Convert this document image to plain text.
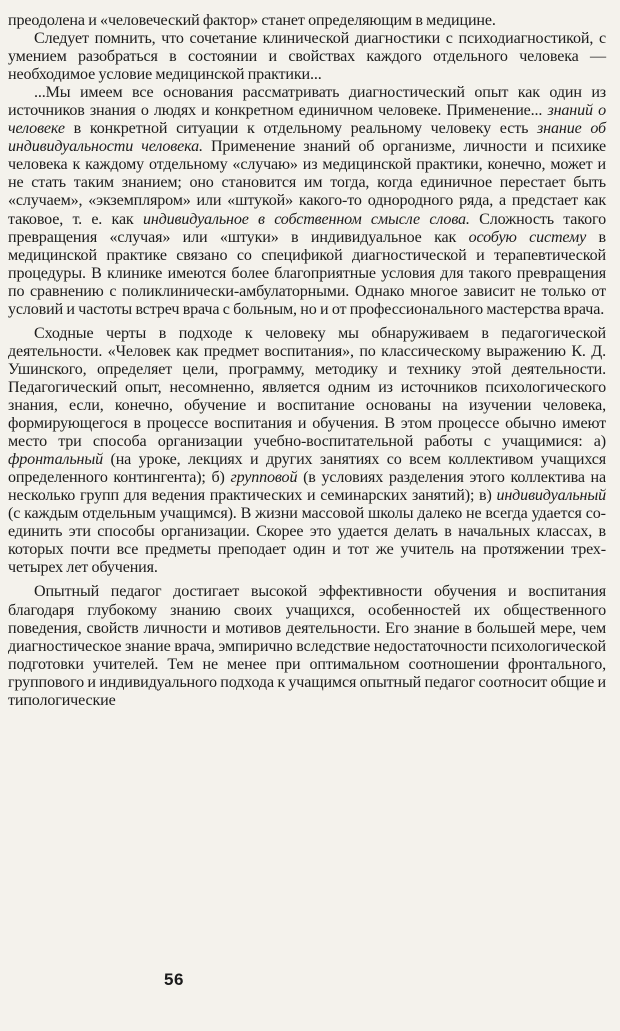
преодолена и «человеческий фактор» станет определяющим в медицине.

Следует помнить, что сочетание клинической диагностики с психодиагностикой, с умением разобраться в состоянии и свойствах каждого отдельного человека — необходимое условие медицинской практики...

...Мы имеем все основания рассматривать диагностический опыт как один из источников знания о людях и конкретном единичном человеке. Применение... знаний о человеке в конкретной ситуации к отдельному реальному человеку есть знание об индивидуальности человека. Применение знаний об организме, личности и психике человека к каждому отдельному «случаю» из медицинской практики, конечно, может и не стать таким знанием; оно становится им тогда, когда единичное перестает быть «случаем», «экземпляром» или «штукой» какого-то однородного ряда, а предстает как таковое, т. е. как индивидуальное в собственном смысле слова. Сложность такого превращения «случая» или «штуки» в индивидуальное как особую систему в медицинской практике связано со спецификой диагностической и терапевтической процедуры. В клинике имеются более благоприятные условия для такого превращения по сравнению с поликлинически-амбулаторными. Однако многое зависит не только от условий и частоты встреч врача с больным, но и от профессионального мастерства врача.

Сходные черты в подходе к человеку мы обнаруживаем в педагогической деятельности. «Человек как предмет воспитания», по классическому выражению К. Д. Ушинского, определяет цели, программу, методику и технику этой деятельности. Педагогический опыт, несомненно, является одним из источников психологического знания, если, конечно, обучение и воспитание основаны на изучении человека, формирующегося в процессе воспитания и обучения. В этом процессе обычно имеют место три способа организации учебно-воспитательной работы с учащимися: а) фронтальный (на уроке, лекциях и других занятиях со всем коллективом учащихся определенного контингента); б) групповой (в условиях разделения этого коллектива на несколько групп для ведения практических и семинарских занятий); в) индивидуальный (с каждым отдельным учащимся). В жизни массовой школы далеко не всегда удается соединить эти способы организации. Скорее это удается делать в начальных классах, в которых почти все предметы преподает один и тот же учитель на протяжении трех-четырех лет обучения.

Опытный педагог достигает высокой эффективности обучения и воспитания благодаря глубокому знанию своих учащихся, особенностей их общественного поведения, свойств личности и мотивов деятельности. Его знание в большей мере, чем диагностическое знание врача, эмпирично вследствие недостаточности психологической подготовки учителей. Тем не менее при оптимальном соотношении фронтального, группового и индивидуального подхода к учащимся опытный педагог соотносит общие и типологические

56
